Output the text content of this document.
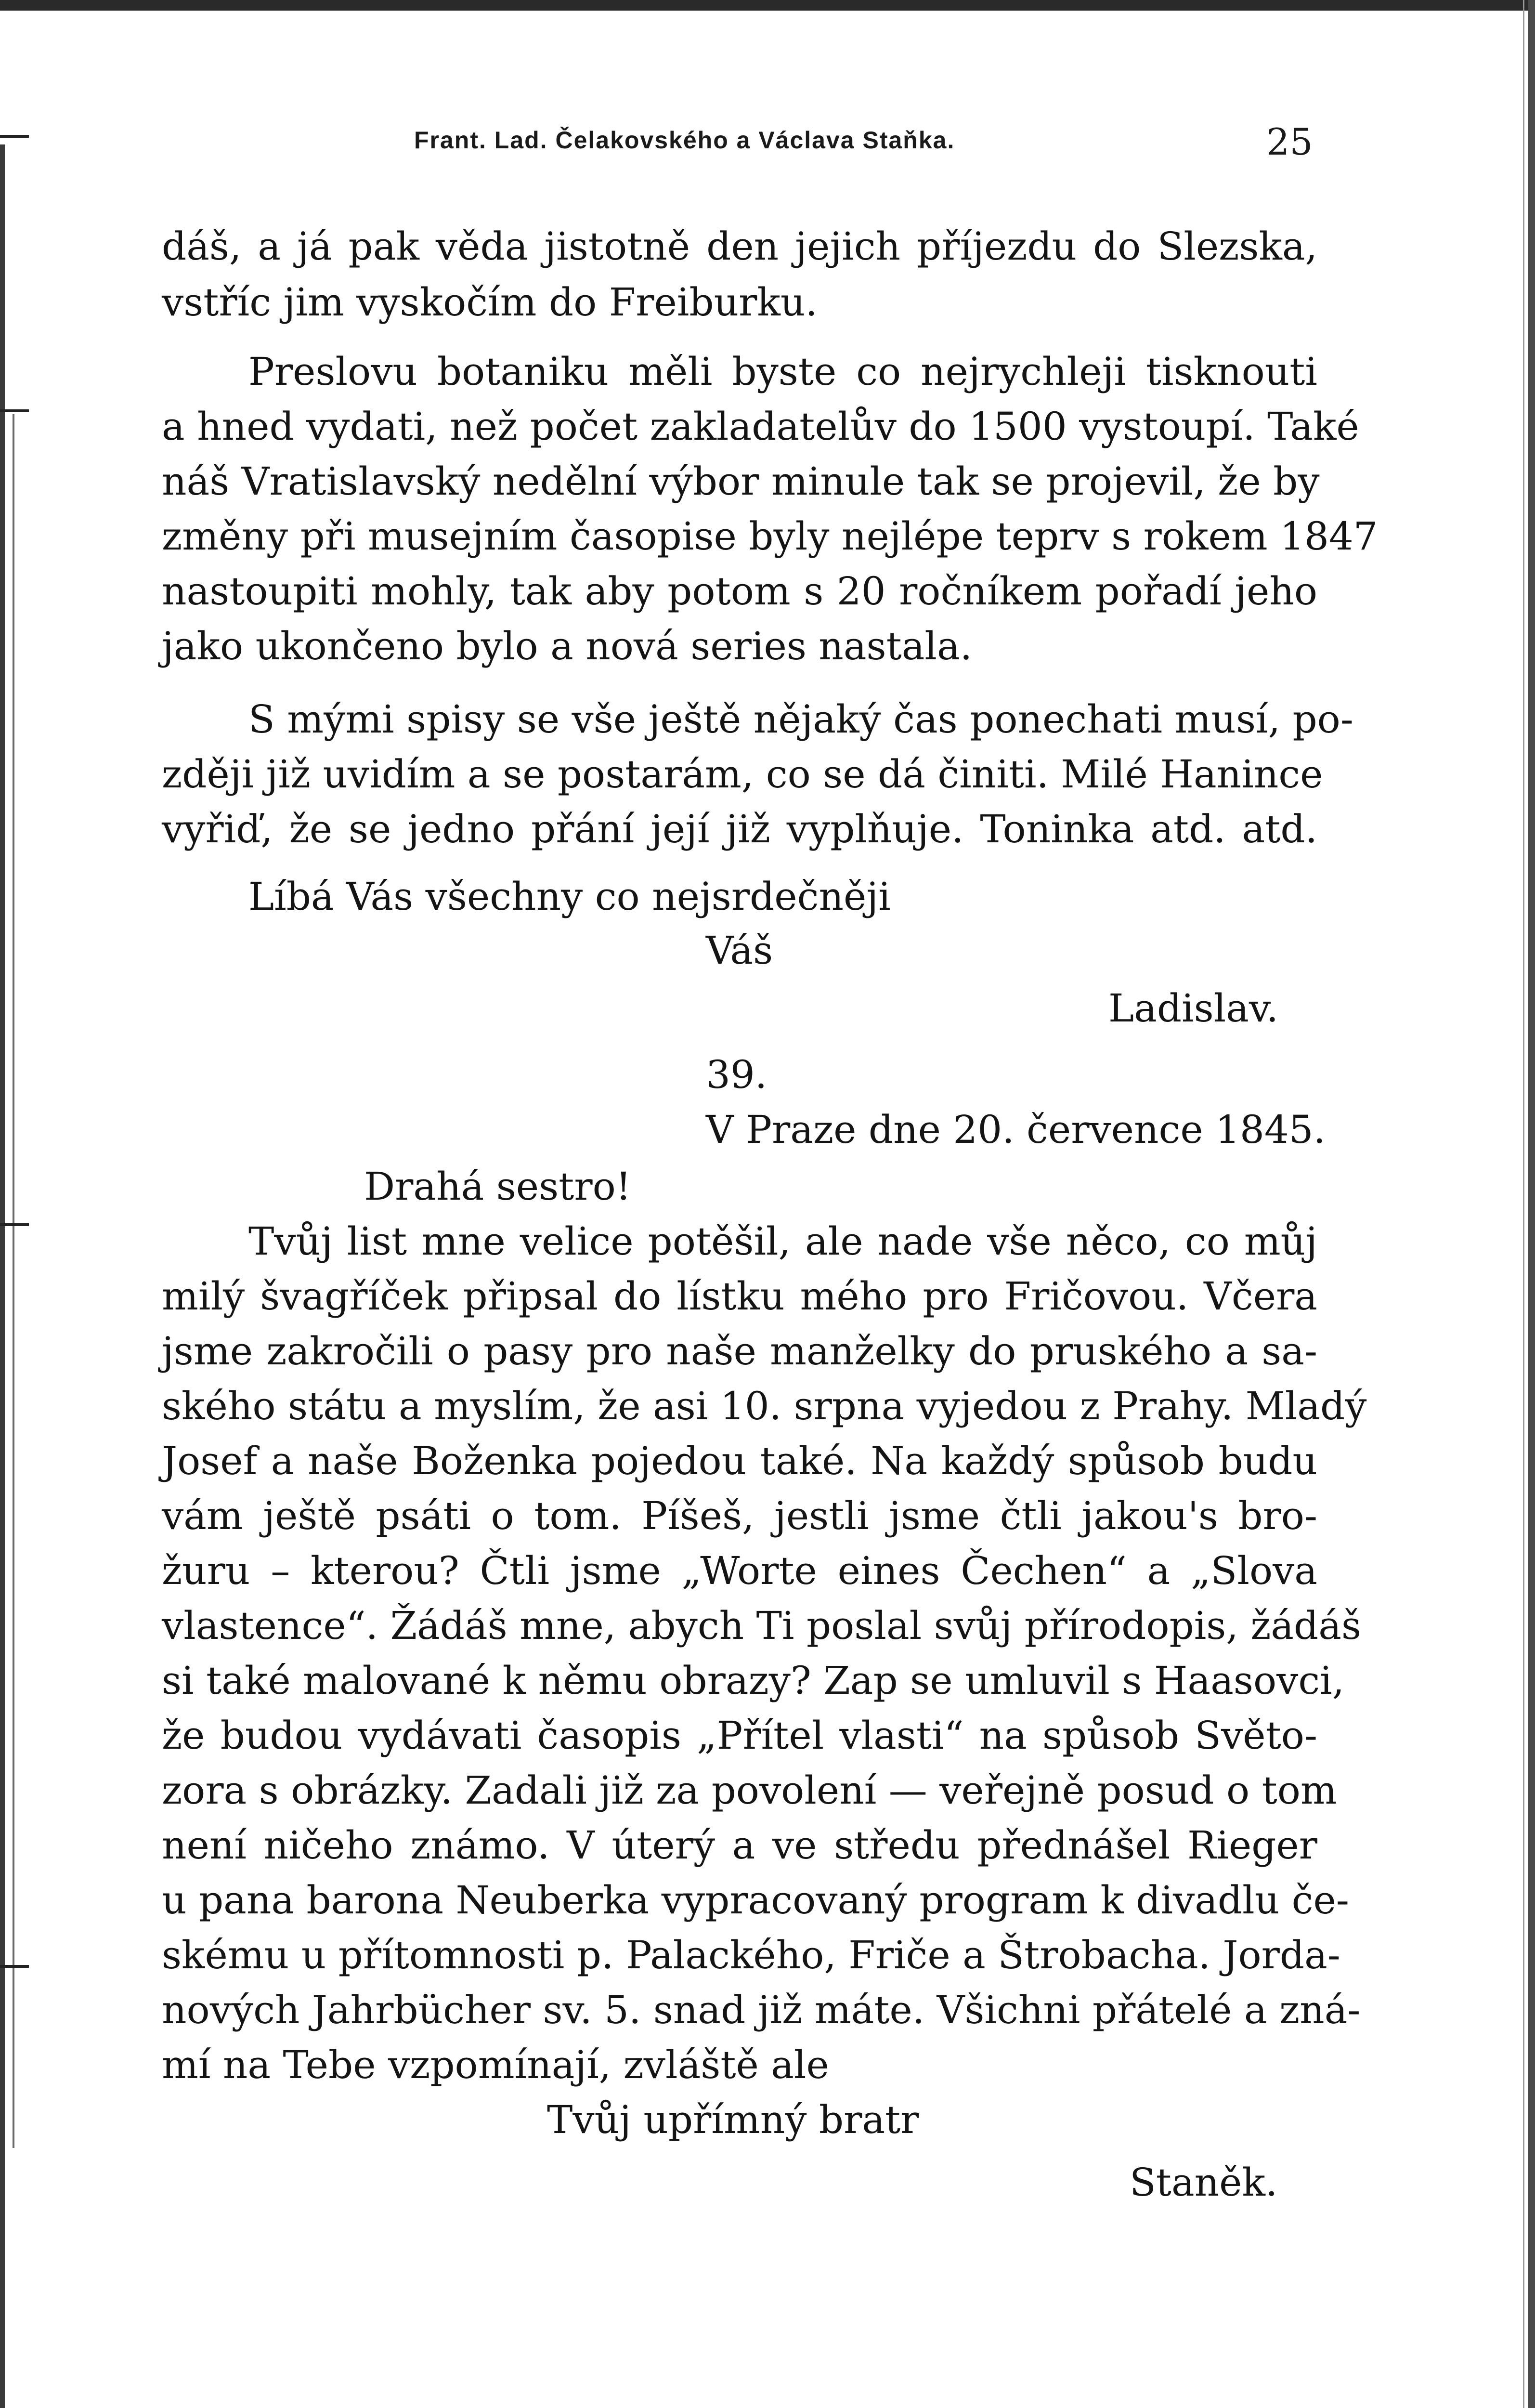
Frant. Lad. Čelakovského a Václava Staňka.	25
dáš, a já pak věda jistotně den jejich příjezdu do Slezska,
vstříc jim vyskočím do Freiburku.
Preslovu botaniku měli byste co nejrychleji tisknouti
a hned vydati, než počet zakladatelův do 1500 vystoupí. Také
náš Vratislavský nedělní výbor minule tak se projevil, že by
změny při musejním časopise byly nejlépe teprv s rokem 1847
nastoupiti mohly, tak aby potom s 20 ročníkem pořadí jeho
jako ukončeno bylo a nová series nastala.
S mými spisy se vše ještě nějaký čas ponechati musí, po-
zději již uvidím a se postarám, co se dá činiti. Milé Hanince
vyřiď, že se jedno přání její již vyplňuje. Toninka atd. atd.
Líbá Vás všechny co nejsrdečněji
Váš
Ladislav.
39.
V Praze dne 20. července 1845.
Drahá sestro!
Tvůj list mne velice potěšil, ale nade vše něco, co můj
milý švagříček připsal do lístku mého pro Fričovou. Včera
jsme zakročili o pasy pro naše manželky do pruského a sa-
ského státu a myslím, že asi 10. srpna vyjedou z Prahy. Mladý
Josef a naše Boženka pojedou také. Na každý spůsob budu
vám ještě psáti o tom. Píšeš, jestli jsme čtli jakou's bro-
žuru – kterou? Čtli jsme „Worte eines Čechen“ a „Slova
vlastence“. Žádáš mne, abych Ti poslal svůj přírodopis, žádáš
si také malované k němu obrazy? Zap se umluvil s Haasovci,
že budou vydávati časopis „Přítel vlasti“ na spůsob Světo-
zora s obrázky. Zadali již za povolení — veřejně posud o tom
není ničeho známo. V úterý a ve středu přednášel Rieger
u pana barona Neuberka vypracovaný program k divadlu če-
skému u přítomnosti p. Palackého, Friče a Štrobacha. Jorda-
nových Jahrbücher sv. 5. snad již máte. Všichni přátelé a zná-
mí na Tebe vzpomínají, zvláště ale
Tvůj upřímný bratr
Staněk.
